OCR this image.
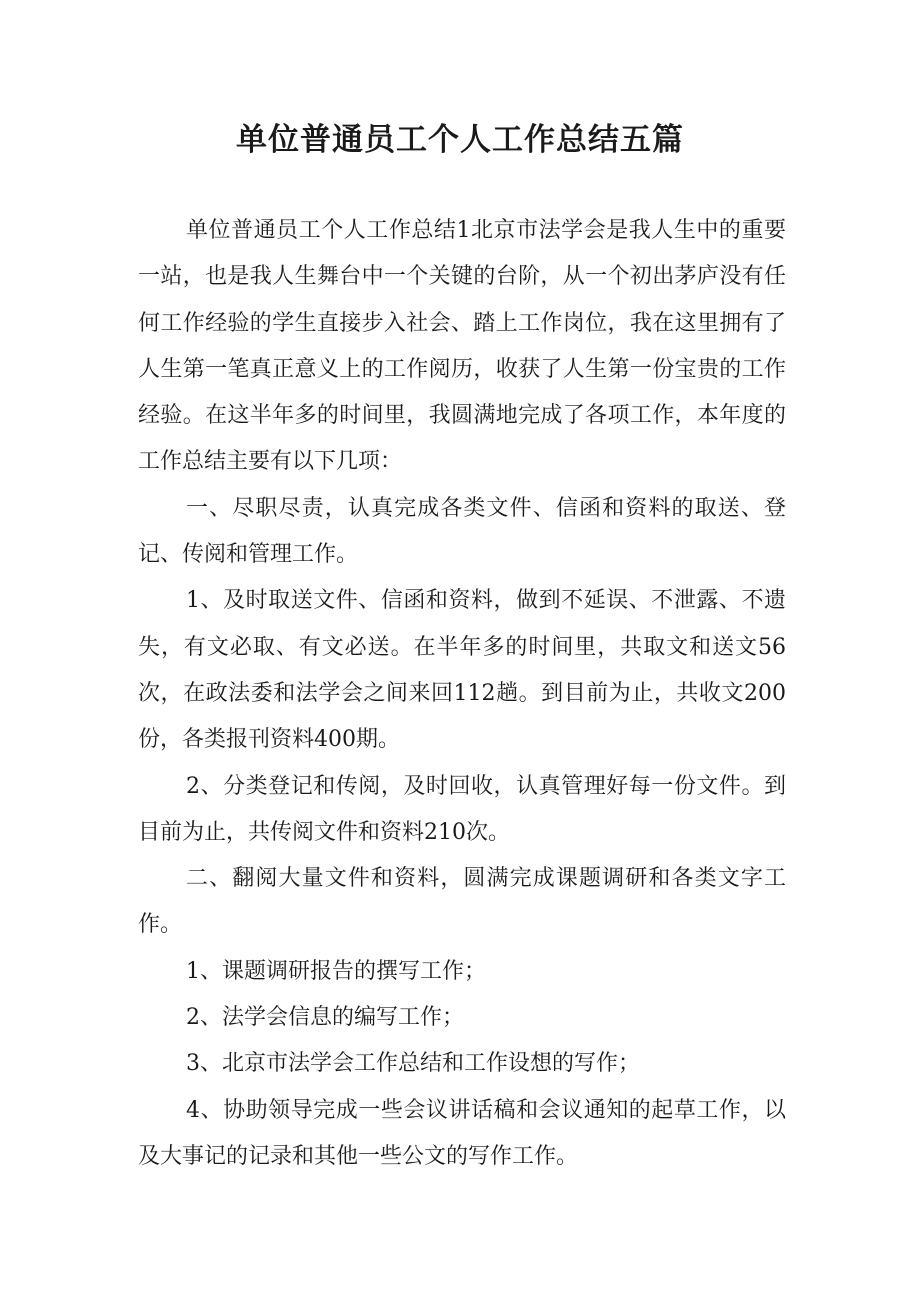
单位普通员工个人工作总结五篇

单位普通员工个人工作总结1北京市法学会是我人生中的重要一站，也是我人生舞台中一个关键的台阶，从一个初出茅庐没有任何工作经验的学生直接步入社会、踏上工作岗位，我在这里拥有了人生第一笔真正意义上的工作阅历，收获了人生第一份宝贵的工作经验。在这半年多的时间里，我圆满地完成了各项工作，本年度的工作总结主要有以下几项：

一、尽职尽责，认真完成各类文件、信函和资料的取送、登记、传阅和管理工作。

1、及时取送文件、信函和资料，做到不延误、不泄露、不遗失，有文必取、有文必送。在半年多的时间里，共取文和送文56次，在政法委和法学会之间来回112趟。到目前为止，共收文200份，各类报刊资料400期。

2、分类登记和传阅，及时回收，认真管理好每一份文件。到目前为止，共传阅文件和资料210次。

二、翻阅大量文件和资料，圆满完成课题调研和各类文字工作。

1、课题调研报告的撰写工作；

2、法学会信息的编写工作；

3、北京市法学会工作总结和工作设想的写作；

4、协助领导完成一些会议讲话稿和会议通知的起草工作，以及大事记的记录和其他一些公文的写作工作。
